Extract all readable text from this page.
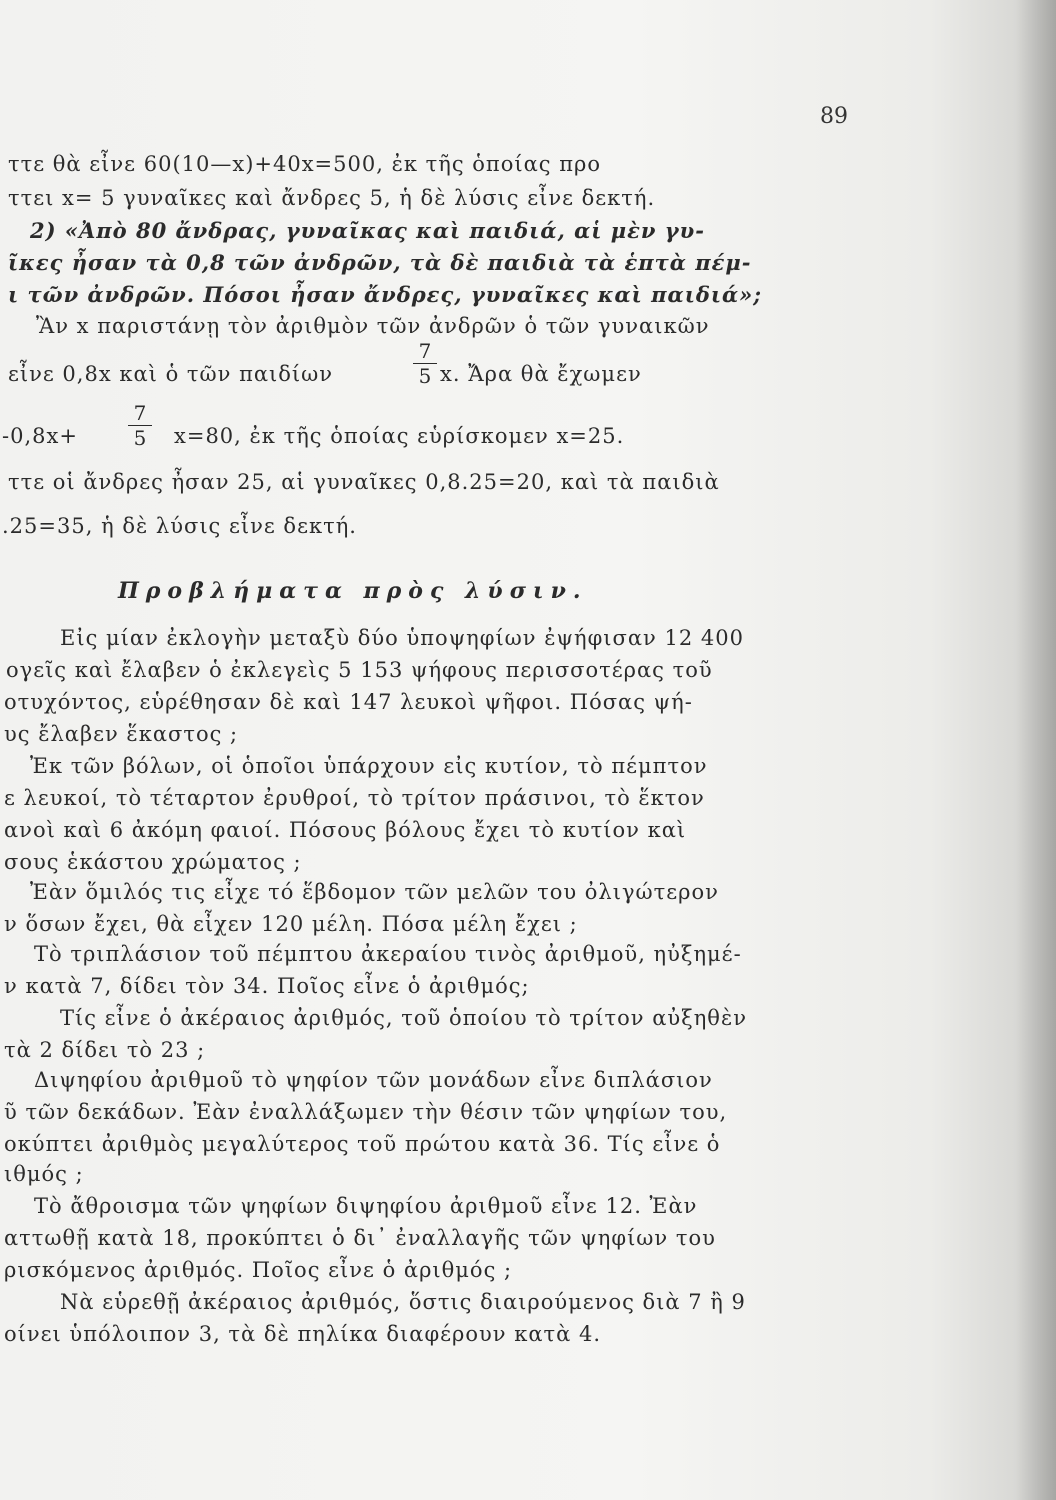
89
ττε θὰ εἶνε 60(10—x)+40x=500, ἐκ τῆς ὁποίας προ
ττει x= 5 γυναῖκες καὶ ἄνδρες 5, ἡ δὲ λύσις εἶνε δεκτή.
2) «Ἀπὸ 80 ἄνδρας, γυναῖκας καὶ παιδιά, αἱ μὲν γυ-
ῖκες ἦσαν τὰ 0,8 τῶν ἀνδρῶν, τὰ δὲ παιδιὰ τὰ ἑπτὰ πέμ-
ι τῶν ἀνδρῶν. Πόσοι ἦσαν ἄνδρες, γυναῖκες καὶ παιδιά»;
Ἂν x παριστάνῃ τὸν ἀριθμὸν τῶν ἀνδρῶν ὁ τῶν γυναικῶν
εἶνε 0,8x καὶ ὁ τῶν παιδίων
7
5 x. Ἄρα θὰ ἔχωμεν
-0,8x+
7
5 x=80, ἐκ τῆς ὁποίας εὑρίσκομεν x=25.
ττε οἱ ἄνδρες ἦσαν 25, αἱ γυναῖκες 0,8.25=20, καὶ τὰ παιδιὰ
.25=35, ἡ δὲ λύσις εἶνε δεκτή.
Προβλήματα πρὸς λύσιν.
Εἰς μίαν ἐκλογὴν μεταξὺ δύο ὑποψηφίων ἐψήφισαν 12 400
ογεῖς καὶ ἔλαβεν ὁ ἐκλεγεὶς 5 153 ψήφους περισσοτέρας τοῦ
οτυχόντος, εὑρέθησαν δὲ καὶ 147 λευκοὶ ψῆφοι. Πόσας ψή-
υς ἔλαβεν ἕκαστος ;
Ἐκ τῶν βόλων, οἱ ὁποῖοι ὑπάρχουν εἰς κυτίον, τὸ πέμπτον
ε λευκοί, τὸ τέταρτον ἐρυθροί, τὸ τρίτον πράσινοι, τὸ ἕκτον
ανοὶ καὶ 6 ἀκόμη φαιοί. Πόσους βόλους ἔχει τὸ κυτίον καὶ
σους ἑκάστου χρώματος ;
Ἐὰν ὅμιλός τις εἶχε τό ἕβδομον τῶν μελῶν του ὀλιγώτερον
ν ὅσων ἔχει, θὰ εἶχεν 120 μέλη. Πόσα μέλη ἔχει ;
Τὸ τριπλάσιον τοῦ πέμπτου ἀκεραίου τινὸς ἀριθμοῦ, ηὐξημέ-
ν κατὰ 7, δίδει τὸν 34. Ποῖος εἶνε ὁ ἀριθμός;
Τίς εἶνε ὁ ἀκέραιος ἀριθμός, τοῦ ὁποίου τὸ τρίτον αὐξηθὲν
τὰ 2 δίδει τὸ 23 ;
Διψηφίου ἀριθμοῦ τὸ ψηφίον τῶν μονάδων εἶνε διπλάσιον
ῦ τῶν δεκάδων. Ἐὰν ἐναλλάξωμεν τὴν θέσιν τῶν ψηφίων του,
οκύπτει ἀριθμὸς μεγαλύτερος τοῦ πρώτου κατὰ 36. Τίς εἶνε ὁ
ιθμός ;
Τὸ ἄθροισμα τῶν ψηφίων διψηφίου ἀριθμοῦ εἶνε 12. Ἐὰν
αττωθῇ κατὰ 18, προκύπτει ὁ δι᾿ ἐναλλαγῆς τῶν ψηφίων του
ρισκόμενος ἀριθμός. Ποῖος εἶνε ὁ ἀριθμός ;
Νὰ εὑρεθῇ ἀκέραιος ἀριθμός, ὅστις διαιρούμενος διὰ 7 ἢ 9
οίνει ὑπόλοιπον 3, τὰ δὲ πηλίκα διαφέρουν κατὰ 4.
